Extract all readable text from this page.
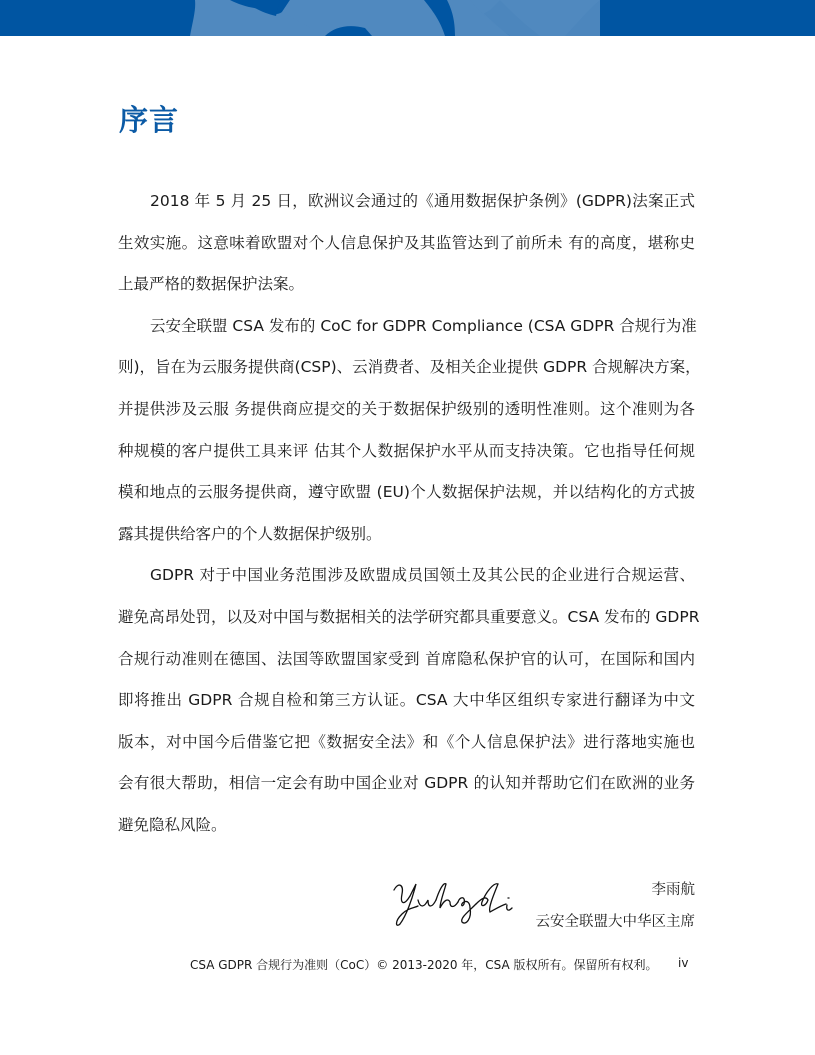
序言
2018 年 5 月 25 日，欧洲议会通过的《通用数据保护条例》(GDPR)法案正式
生效实施。这意味着欧盟对个人信息保护及其监管达到了前所未 有的高度，堪称史
上最严格的数据保护法案。
云安全联盟 CSA 发布的 CoC for GDPR Compliance (CSA GDPR 合规行为准
则)，旨在为云服务提供商(CSP)、云消费者、及相关企业提供 GDPR 合规解决方案，
并提供涉及云服 务提供商应提交的关于数据保护级别的透明性准则。这个准则为各
种规模的客户提供工具来评 估其个人数据保护水平从而支持决策。它也指导任何规
模和地点的云服务提供商，遵守欧盟 (EU)个人数据保护法规，并以结构化的方式披
露其提供给客户的个人数据保护级别。
GDPR 对于中国业务范围涉及欧盟成员国领土及其公民的企业进行合规运营、
避免高昂处罚，以及对中国与数据相关的法学研究都具重要意义。CSA 发布的 GDPR
合规行动准则在德国、法国等欧盟国家受到 首席隐私保护官的认可，在国际和国内
即将推出 GDPR 合规自检和第三方认证。CSA 大中华区组织专家进行翻译为中文
版本，对中国今后借鉴它把《数据安全法》和《个人信息保护法》进行落地实施也
会有很大帮助，相信一定会有助中国企业对 GDPR 的认知并帮助它们在欧洲的业务
避免隐私风险。
李雨航
云安全联盟大中华区主席
CSA GDPR 合规行为准则（CoC）© 2013-2020 年，CSA 版权所有。保留所有权利。 iv
